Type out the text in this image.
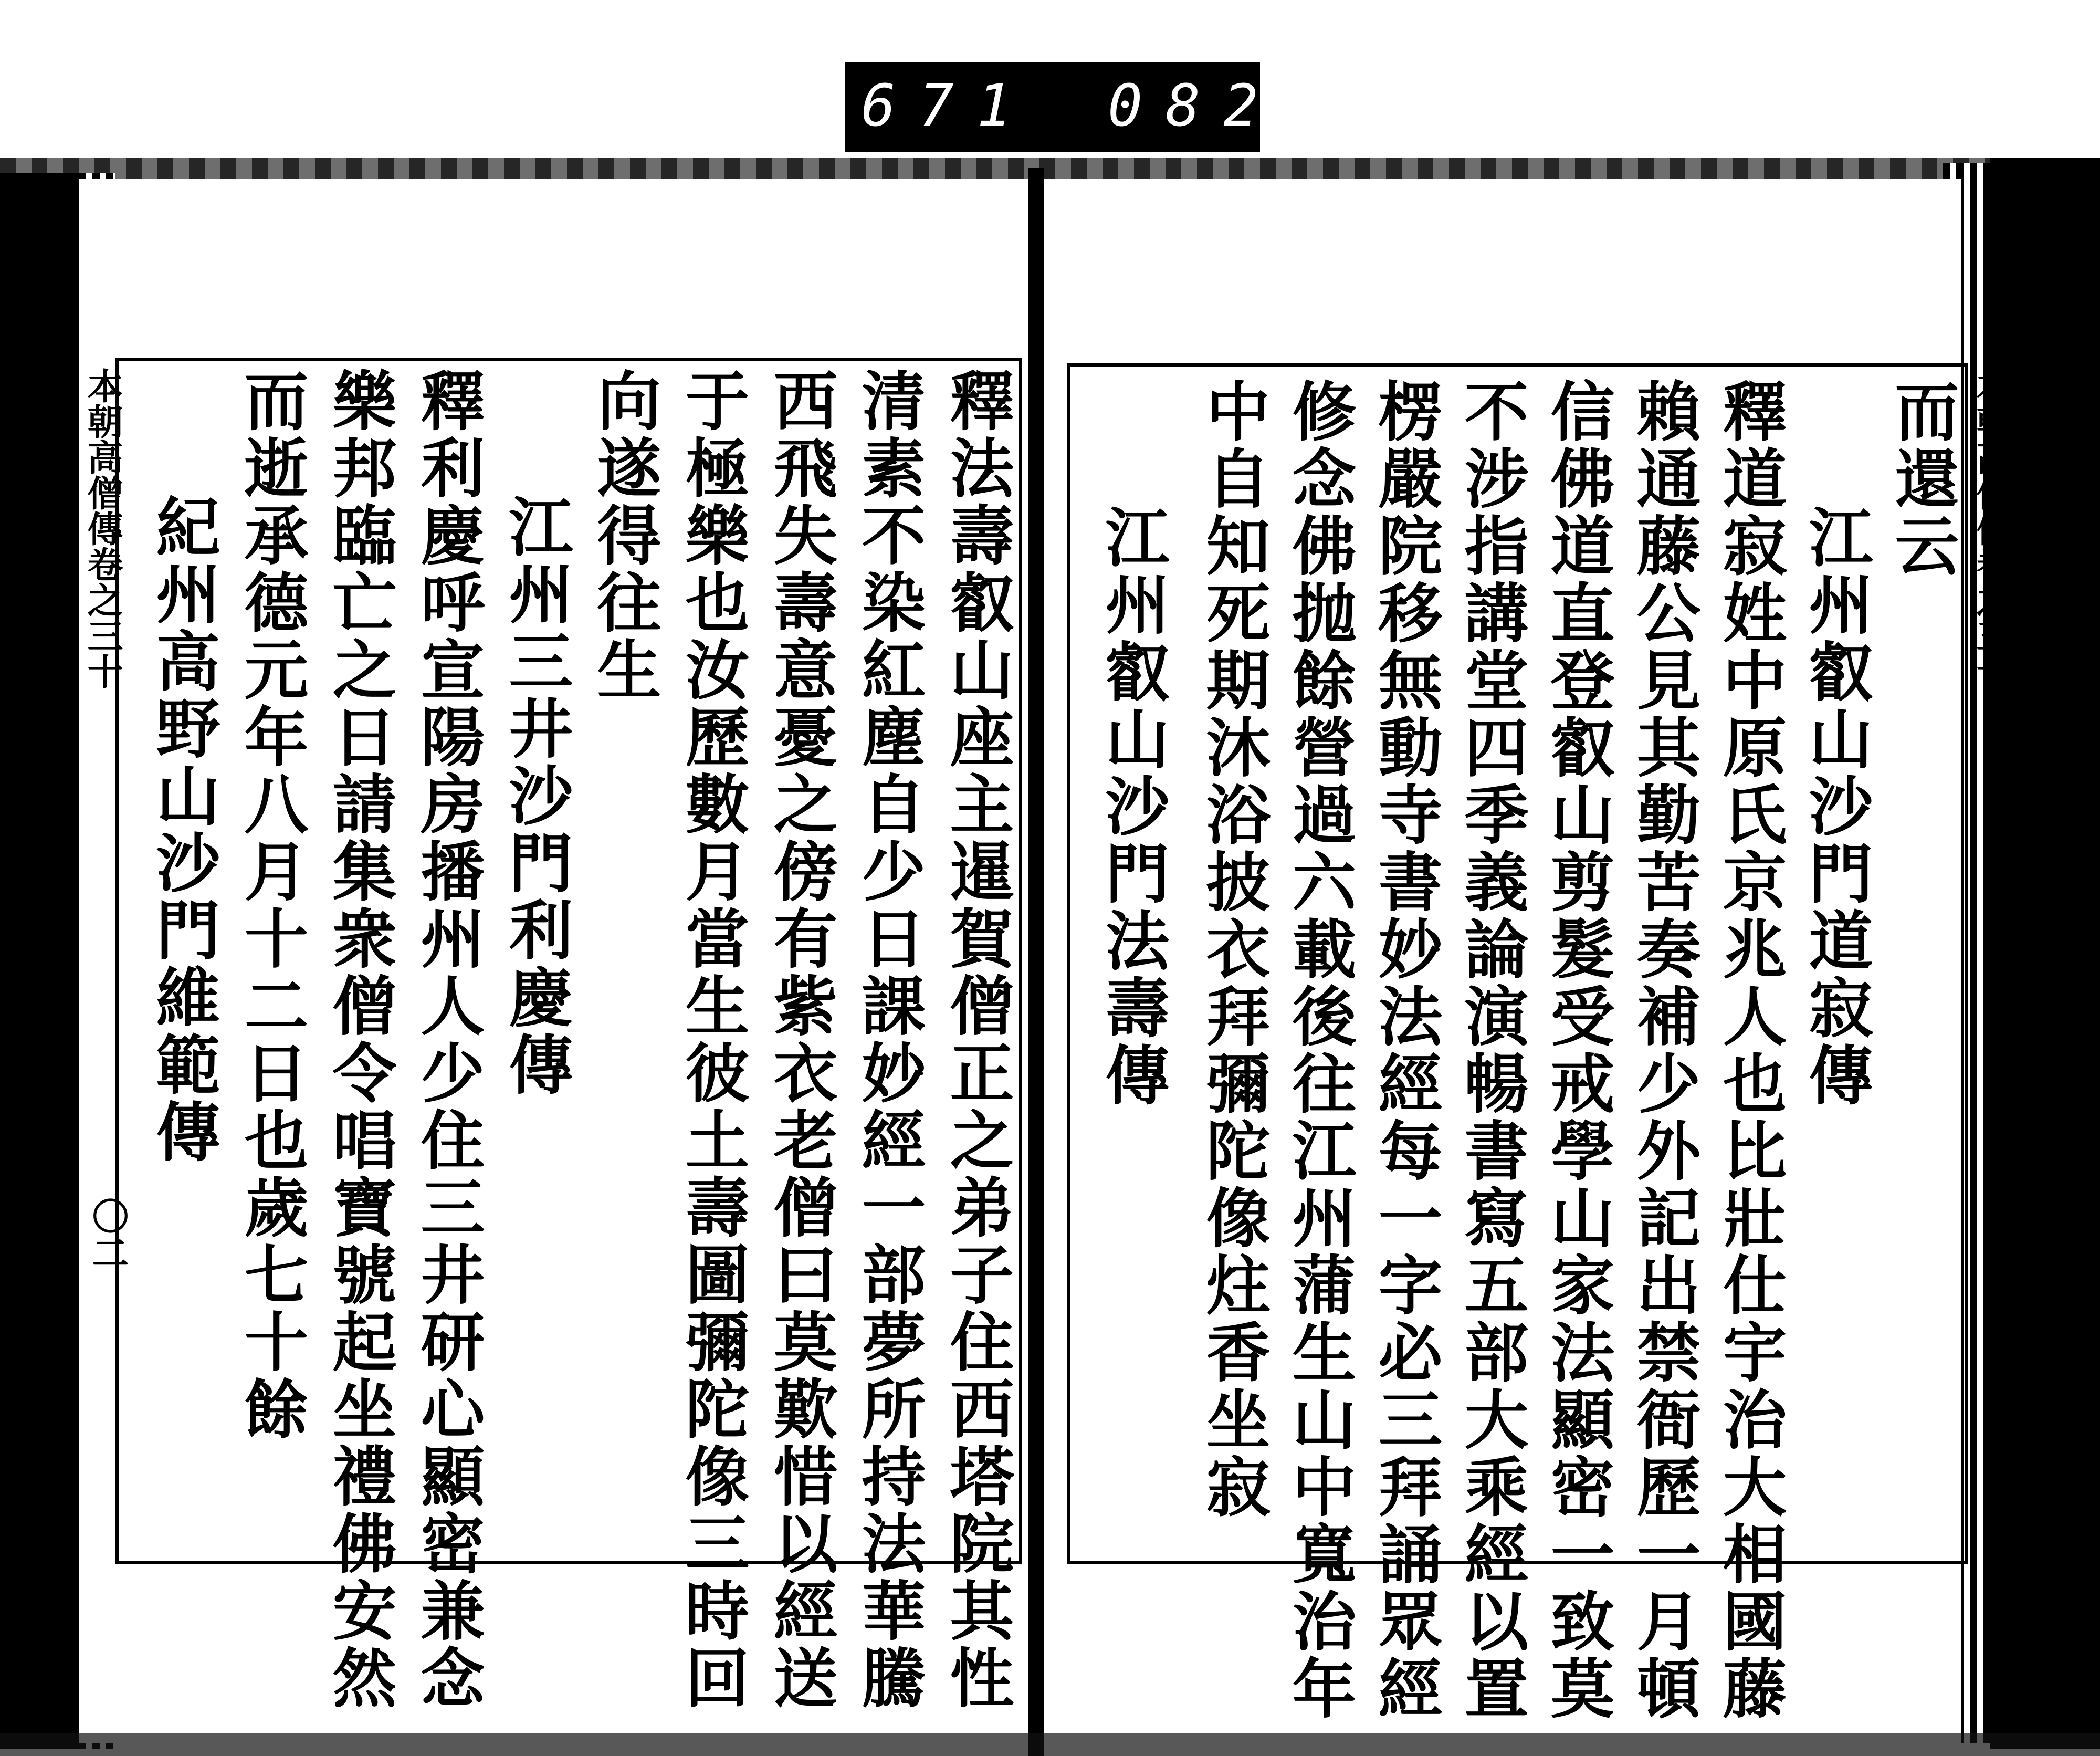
671 082.
本朝高僧傳卷之三十
〇二
本朝高僧傳卷之三十
〇十
釋法壽叡山座主暹賀僧正之弟子住西塔院其性
清素不染紅塵自少日課妙經一部夢所持法華騰
西飛失壽意憂之傍有紫衣老僧曰莫歎惜以經送
于極樂也汝歷數月當生彼土壽圖彌陀像三時回
向遂得往生
江州三井沙門利慶傳
釋利慶呼宣陽房播州人少住三井研心顯密兼念
樂邦臨亡之日請集衆僧令唱寶號起坐禮佛安然
而逝承德元年八月十二日也歲七十餘
紀州高野山沙門維範傳
而還云
江州叡山沙門道寂傳
釋道寂姓中原氏京兆人也比壯仕宇治大相國藤
賴通藤公見其勤苦奏補少外記出禁衙歷一月頓
信佛道直登叡山剪髮受戒學山家法顯密一致莫
不涉指講堂四季義論演暢書寫五部大乘經以置
楞嚴院移無動寺書妙法經每一字必三拜誦眾經
修念佛抛餘營過六載後往江州蒲生山中寬治年
中自知死期沐浴披衣拜彌陀像炷香坐寂
江州叡山沙門法壽傳
